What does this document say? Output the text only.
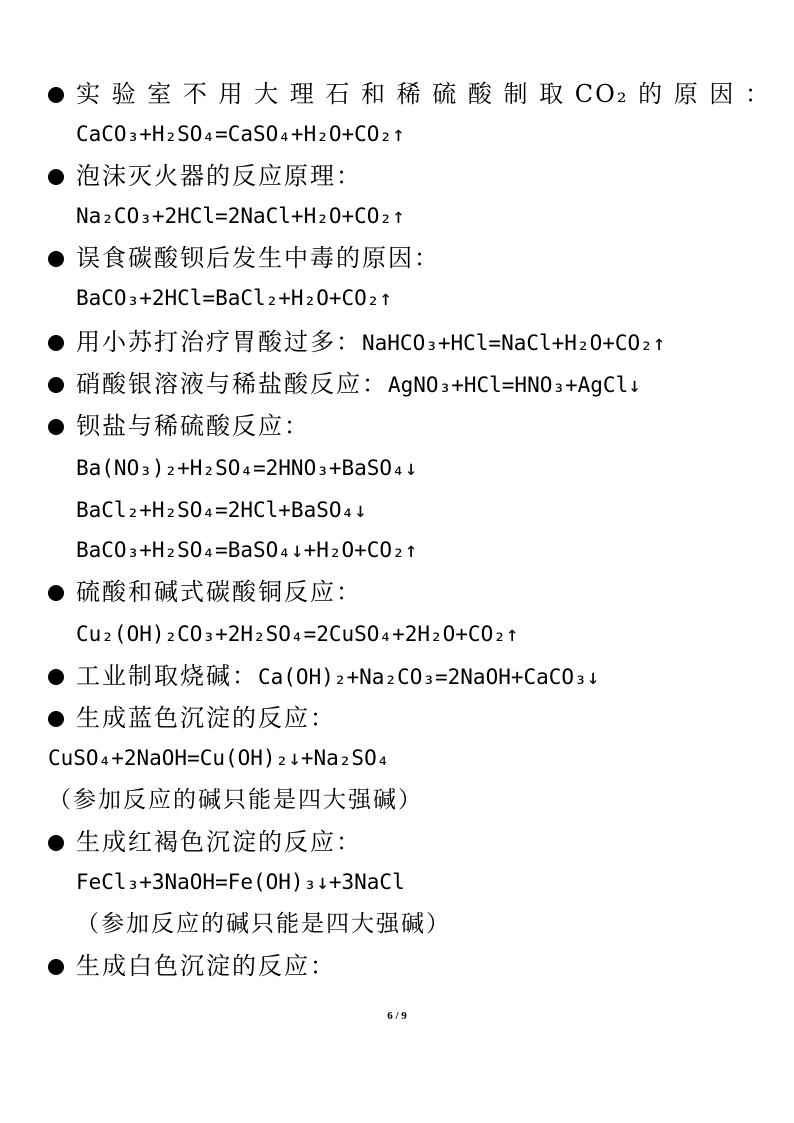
实 验 室 不 用 大 理 石 和 稀 硫 酸 制 取 CO₂ 的 原 因 ：
CaCO₃+H₂SO₄=CaSO₄+H₂O+CO₂↑
泡沫灭火器的反应原理：
Na₂CO₃+2HCl=2NaCl+H₂O+CO₂↑
误食碳酸钡后发生中毒的原因：
BaCO₃+2HCl=BaCl₂+H₂O+CO₂↑
用小苏打治疗胃酸过多：NaHCO₃+HCl=NaCl+H₂O+CO₂↑
硝酸银溶液与稀盐酸反应：AgNO₃+HCl=HNO₃+AgCl↓
钡盐与稀硫酸反应：
Ba(NO₃)₂+H₂SO₄=2HNO₃+BaSO₄↓
BaCl₂+H₂SO₄=2HCl+BaSO₄↓
BaCO₃+H₂SO₄=BaSO₄↓+H₂O+CO₂↑
硫酸和碱式碳酸铜反应：
Cu₂(OH)₂CO₃+2H₂SO₄=2CuSO₄+2H₂O+CO₂↑
工业制取烧碱：Ca(OH)₂+Na₂CO₃=2NaOH+CaCO₃↓
生成蓝色沉淀的反应：
CuSO₄+2NaOH=Cu(OH)₂↓+Na₂SO₄
（参加反应的碱只能是四大强碱）
生成红褐色沉淀的反应：
FeCl₃+3NaOH=Fe(OH)₃↓+3NaCl
（参加反应的碱只能是四大强碱）
生成白色沉淀的反应：
6 / 9
